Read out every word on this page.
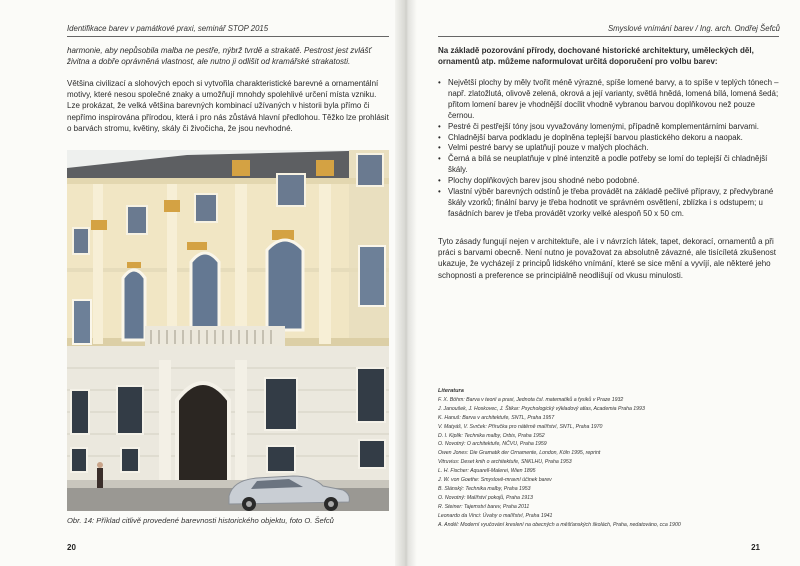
Identifikace barev v památkové praxi, seminář STOP 2015

harmonie, aby nepůsobila malba ne pestře, nýbrž tvrdě a strakatě. Pestrost jest zvlášť živitna a dobře oprávněná vlastnost, ale nutno ji odlišit od kramářské strakatosti.

Většina civilizací a slohových epoch si vytvořila charakteristické barevné a ornamentální motivy, které nesou společné znaky a umožňují mnohdy spolehlivé určení místa vzniku. Lze prokázat, že velká většina barevných kombinací užívaných v historii byla přímo či nepřímo inspirována přírodou, která i pro nás zůstává hlavní předlohou. Těžko lze prohlásit o barvách stromu, květiny, skály či živočicha, že jsou nevhodné.

Obr. 14: Příklad citlivě provedené barevnosti historického objektu, foto O. Šefců
20
Smyslové vnímání barev / Ing. arch. Ondřej Šefců

Na základě pozorování přírody, dochované historické architektury, uměleckých děl, ornamentů atp. můžeme naformulovat určitá doporučení pro volbu barev:

• Největší plochy by měly tvořit méně výrazné, spíše lomené barvy, a to spíše v teplých tónech – např. zlatožlutá, olivově zelená, okrová a její varianty, světlá hnědá, lomená bílá, lomená šedá; přitom lomení barev je vhodnější docílit vhodně vybranou barvou doplňkovou než pouze černou.
• Pestré či pestřejší tóny jsou vyvažovány lomenými, případně komplementárními barvami.
• Chladnější barva podkladu je doplněna teplejší barvou plastického dekoru a naopak.
• Velmi pestré barvy se uplatňují pouze v malých plochách.
• Černá a bílá se neuplatňuje v plné intenzitě a podle potřeby se lomí do teplejší či chladnější škály.
• Plochy doplňkových barev jsou shodné nebo podobné.
• Vlastní výběr barevných odstínů je třeba provádět na základě pečlivé přípravy, z předvybrané škály vzorků; finální barvy je třeba hodnotit ve správném osvětlení, zblízka i s odstupem; u fasádních barev je třeba provádět vzorky velké alespoň 50 x 50 cm.

Tyto zásady fungují nejen v architektuře, ale i v návrzích látek, tapet, dekorací, ornamentů a při práci s barvami obecně. Není nutno je považovat za absolutně závazné, ale tisícíletá zkušenost ukazuje, že vycházejí z principů lidského vnímání, které se sice mění a vyvíjí, ale některé jeho schopnosti a preference se principiálně neodlišují od vkusu minulosti.

Literatura
F. X. Böhm: Barva v teorii a praxi, Jednota čsl. matematiků a fysiků v Praze 1932
J. Janoušek, J. Hoskovec, J. Štikar: Psychologický výkladový atlas, Academia Praha 1993
K. Hanuš: Barva v architektuře, SNTL, Praha 1957
V. Matyáš, V. Svrček: Příručka pro nátěrně malířství, SNTL, Praha 1970
D. I. Kiplik: Technika malby, Orbis, Praha 1952
O. Novotný: O architektuře, NČVU, Praha 1959
Owen Jones: Die Gramatik der Ornamente, London, Köln 1995, reprint
Vitruvius: Deset knih o architektuře, SNKLHU, Praha 1953
L. H. Fischer: Aquarell-Malerei, Wien 1895
J. W. von Goethe: Smyslově-mravní účinek barev
B. Slánský: Technika malby, Praha 1953
O. Novotný: Malířství pokojů, Praha 1913
R. Steiner: Tajemství barev, Praha 2011
Leonardo da Vinci: Úvahy o malířství, Praha 1941
A. Andél: Moderní vyučování kreslení na obecných a měšťanských školách, Praha, nedatováno, cca 1900
21
